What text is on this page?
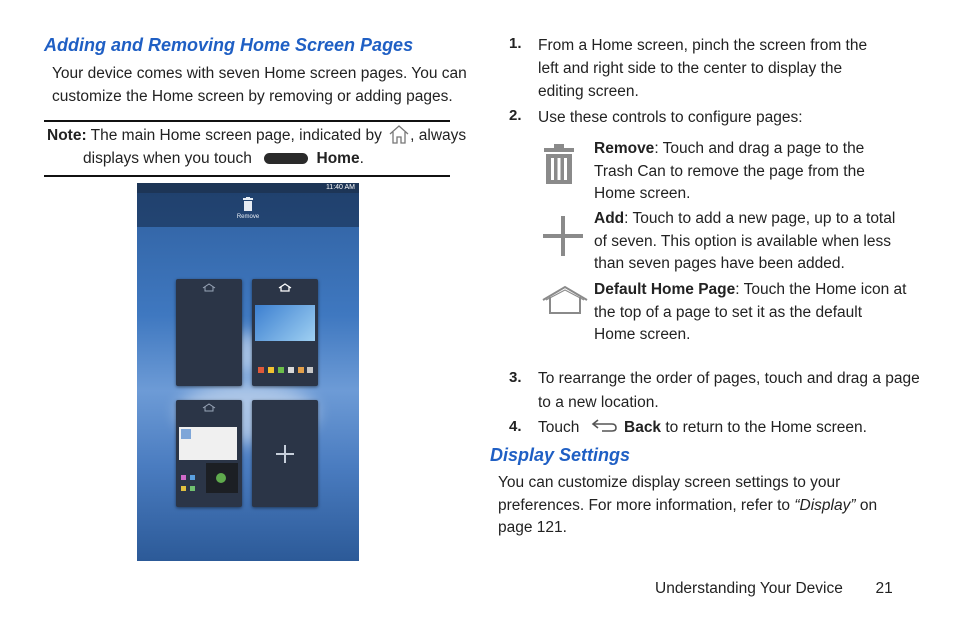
Adding and Removing Home Screen Pages
Your device comes with seven Home screen pages. You can
customize the Home screen by removing or adding pages.
Note: The main Home screen page, indicated by , always
displays when you touch	Home.
11:40 AM
Remove
1. From a Home screen, pinch the screen from the
left and right side to the center to display the
editing screen.
2. Use these controls to configure pages:
Remove: Touch and drag a page to the
Trash Can to remove the page from the
Home screen.
Add: Touch to add a new page, up to a total
of seven. This option is available when less
than seven pages have been added.
Default Home Page: Touch the Home icon at
the top of a page to set it as the default
Home screen.
3. To rearrange the order of pages, touch and drag a page
to a new location.
4. Touch	Back to return to the Home screen.
Display Settings
You can customize display screen settings to your
preferences. For more information, refer to “Display” on
page 121.
Understanding Your Device 21
